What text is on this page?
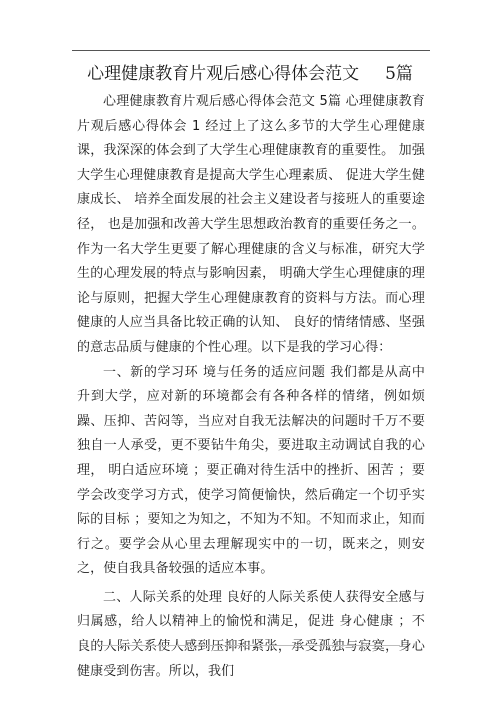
心理健康教育片观后感心得体会范文 5篇

心理健康教育片观后感心得体会范文 5篇 心理健康教育片观后感心得体会 1 经过上了这么多节的大学生心理健康课，我深深的体会到了大学生心理健康教育的重要性。 加强大学生心理健康教育是提高大学生心理素质、 促进大学生健康成长、 培养全面发展的社会主义建设者与接班人的重要途径， 也是加强和改善大学生思想政治教育的重要任务之一。作为一名大学生更要了解心理健康的含义与标准，研究大学生的心理发展的特点与影响因素， 明确大学生心理健康的理论与原则，把握大学生心理健康教育的资料与方法。而心理健康的人应当具备比较正确的认知、 良好的情绪情感、坚强的意志品质与健康的个性心理。以下是我的学习心得：

一、新的学习环 境与任务的适应问题 我们都是从高中升到大学，应对新的环境都会有各种各样的情绪，例如烦躁、压抑、苦闷等，当应对自我无法解决的问题时千万不要独自一人承受，更不要钻牛角尖，要进取主动调试自我的心理， 明白适应环境 ；要正确对待生活中的挫折、困苦 ；要学会改变学习方式，使学习简便愉快，然后确定一个切乎实际的目标 ；要知之为知之，不知为不知。不知而求止，知而行之。要学会从心里去理解现实中的一切，既来之，则安之，使自我具备较强的适应本事。

二、人际关系的处理 良好的人际关系使人获得安全感与归属感，给人以精神上的愉悦和满足，促进 身心健康 ；不良的人际关系使人感到压抑和紧张，承受孤独与寂寞，身心健康受到伤害。所以，我们
